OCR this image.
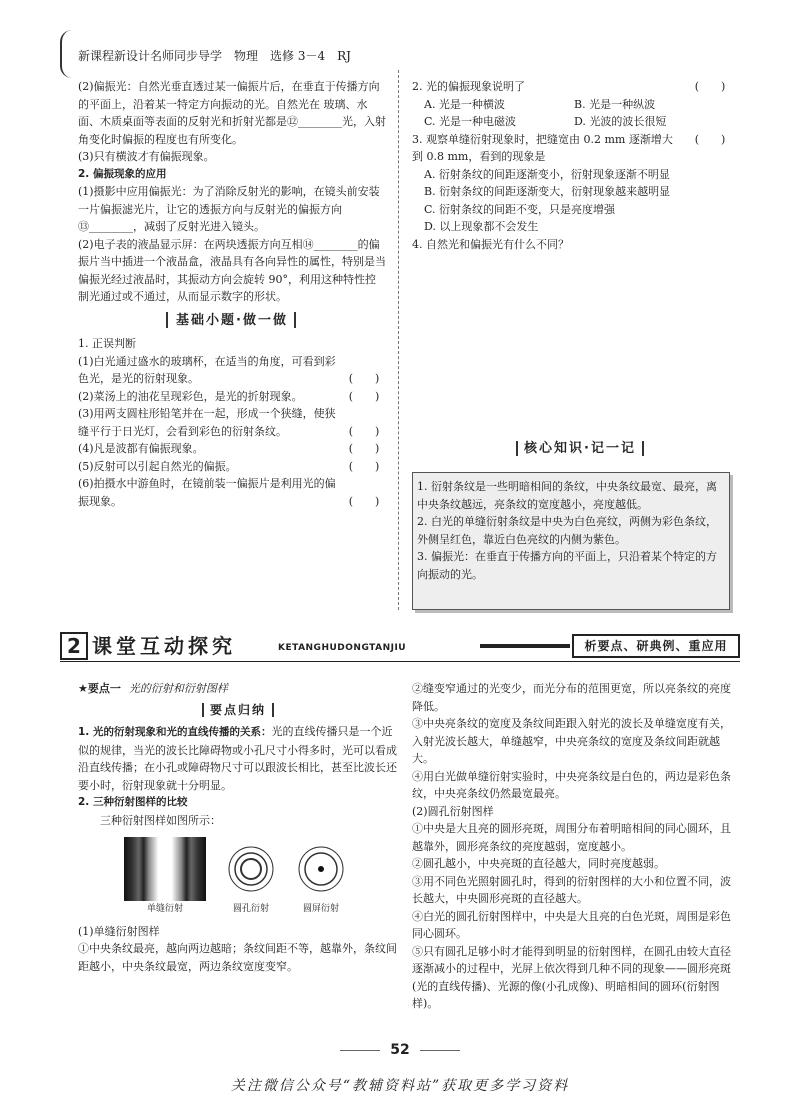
新课程新设计名师同步导学　物理　选修 3－4　RJ

(2)偏振光：自然光垂直透过某一偏振片后，在垂直于传播方向的平面上，沿着某一特定方向振动的光。自然光在 玻璃、水面、木质桌面等表面的反射光和折射光都是⑫________光，入射角变化时偏振的程度也有所变化。

(3)只有横波才有偏振现象。

2. 偏振现象的应用

(1)摄影中应用偏振光：为了消除反射光的影响，在镜头前安装一片偏振滤光片，让它的透振方向与反射光的偏振方向⑬________，减弱了反射光进入镜头。

(2)电子表的液晶显示屏：在两块透振方向互相⑭________的偏振片当中插进一个液晶盒，液晶具有各向异性的属性，特别是当偏振光经过液晶时，其振动方向会旋转 90°，利用这种特性控制光通过或不通过，从而显示数字的形状。

基础小题·做一做

1. 正误判断

(1)白光通过盛水的玻璃杯，在适当的角度，可看到彩色光，是光的衍射现象。	(　　)
(2)菜汤上的油花呈现彩色，是光的折射现象。	(　　)
(3)用两支圆柱形铅笔并在一起，形成一个狭缝，使狭缝平行于日光灯，会看到彩色的衍射条纹。	(　　)
(4)凡是波都有偏振现象。	(　　)
(5)反射可以引起自然光的偏振。	(　　)
(6)拍摄水中游鱼时，在镜前装一偏振片是利用光的偏振现象。	(　　)

2. 光的偏振现象说明了	(　　)
A. 光是一种横波	B. 光是一种纵波
C. 光是一种电磁波	D. 光波的波长很短

3. 观察单缝衍射现象时，把缝宽由 0.2 mm 逐渐增大到 0.8 mm，看到的现象是

(　　)

A. 衍射条纹的间距逐渐变小，衍射现象逐渐不明显

B. 衍射条纹的间距逐渐变大，衍射现象越来越明显

C. 衍射条纹的间距不变，只是亮度增强

D. 以上现象都不会发生

4. 自然光和偏振光有什么不同？

核心知识·记一记

1. 衍射条纹是一些明暗相间的条纹，中央条纹最宽、最亮，离中央条纹越远，亮条纹的宽度越小，亮度越低。

2. 白光的单缝衍射条纹是中央为白色亮纹，两侧为彩色条纹，外侧呈红色，靠近白色亮纹的内侧为紫色。

3. 偏振光：在垂直于传播方向的平面上，只沿着某个特定的方向振动的光。

2 课堂互动探究	KETANGHUDONGTANJIU	析要点、研典例、重应用

★要点一 光的衍射和衍射图样

要点归纳

1. 光的衍射现象和光的直线传播的关系：光的直线传播只是一个近似的规律，当光的波长比障碍物或小孔尺寸小得多时，光可以看成沿直线传播；在小孔或障碍物尺寸可以跟波长相比，甚至比波长还要小时，衍射现象就十分明显。

2. 三种衍射图样的比较

三种衍射图样如图所示：

单缝衍射	圆孔衍射	圆屏衍射

(1)单缝衍射图样

①中央条纹最亮，越向两边越暗；条纹间距不等，越靠外，条纹间距越小，中央条纹最宽，两边条纹宽度变窄。

②缝变窄通过的光变少，而光分布的范围更宽，所以亮条纹的亮度降低。

③中央亮条纹的宽度及条纹间距跟入射光的波长及单缝宽度有关，入射光波长越大，单缝越窄，中央亮条纹的宽度及条纹间距就越大。

④用白光做单缝衍射实验时，中央亮条纹是白色的，两边是彩色条纹，中央亮条纹仍然最宽最亮。

(2)圆孔衍射图样

①中央是大且亮的圆形亮斑，周围分布着明暗相间的同心圆环，且越靠外，圆形亮条纹的亮度越弱，宽度越小。

②圆孔越小，中央亮斑的直径越大，同时亮度越弱。

③用不同色光照射圆孔时，得到的衍射图样的大小和位置不同，波长越大，中央圆形亮斑的直径越大。

④白光的圆孔衍射图样中，中央是大且亮的白色光斑，周围是彩色同心圆环。

⑤只有圆孔足够小时才能得到明显的衍射图样，在圆孔由较大直径逐渐减小的过程中，光屏上依次得到几种不同的现象——圆形亮斑(光的直线传播)、光源的像(小孔成像)、明暗相间的圆环(衍射图样)。

52
关注微信公众号“教辅资料站”获取更多学习资料
